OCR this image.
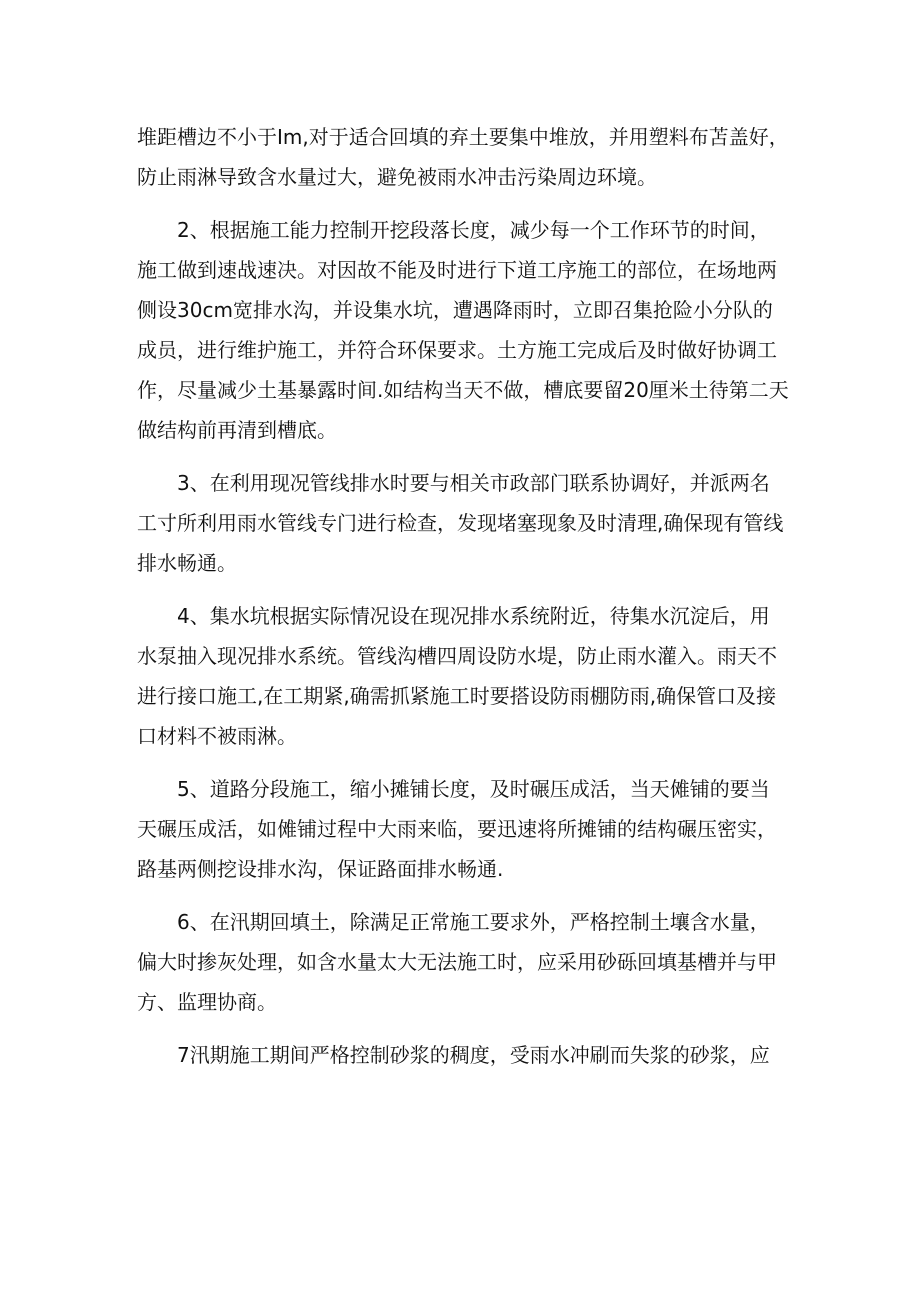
堆距槽边不小于Im,对于适合回填的弃土要集中堆放，并用塑料布苫盖好，
防止雨淋导致含水量过大，避免被雨水冲击污染周边环境。

2、根据施工能力控制开挖段落长度，减少每一个工作环节的时间，
施工做到速战速决。对因故不能及时进行下道工序施工的部位，在场地两
侧设30cm宽排水沟，并设集水坑，遭遇降雨时，立即召集抢险小分队的
成员，进行维护施工，并符合环保要求。土方施工完成后及时做好协调工
作，尽量减少土基暴露时间.如结构当天不做，槽底要留20厘米土待第二天
做结构前再清到槽底。

3、在利用现况管线排水时要与相关市政部门联系协调好，并派两名
工寸所利用雨水管线专门进行检查，发现堵塞现象及时清理,确保现有管线
排水畅通。

4、集水坑根据实际情况设在现况排水系统附近，待集水沉淀后，用
水泵抽入现况排水系统。管线沟槽四周设防水堤，防止雨水灌入。雨天不
进行接口施工,在工期紧,确需抓紧施工时要搭设防雨棚防雨,确保管口及接
口材料不被雨淋。

5、道路分段施工，缩小摊铺长度，及时碾压成活，当天傩铺的要当
天碾压成活，如傩铺过程中大雨来临，要迅速将所摊铺的结构碾压密实，
路基两侧挖设排水沟，保证路面排水畅通.

6、在汛期回填土，除满足正常施工要求外，严格控制土壤含水量，
偏大时掺灰处理，如含水量太大无法施工时，应采用砂砾回填基槽并与甲
方、监理协商。

7汛期施工期间严格控制砂浆的稠度，受雨水冲刷而失浆的砂浆，应
